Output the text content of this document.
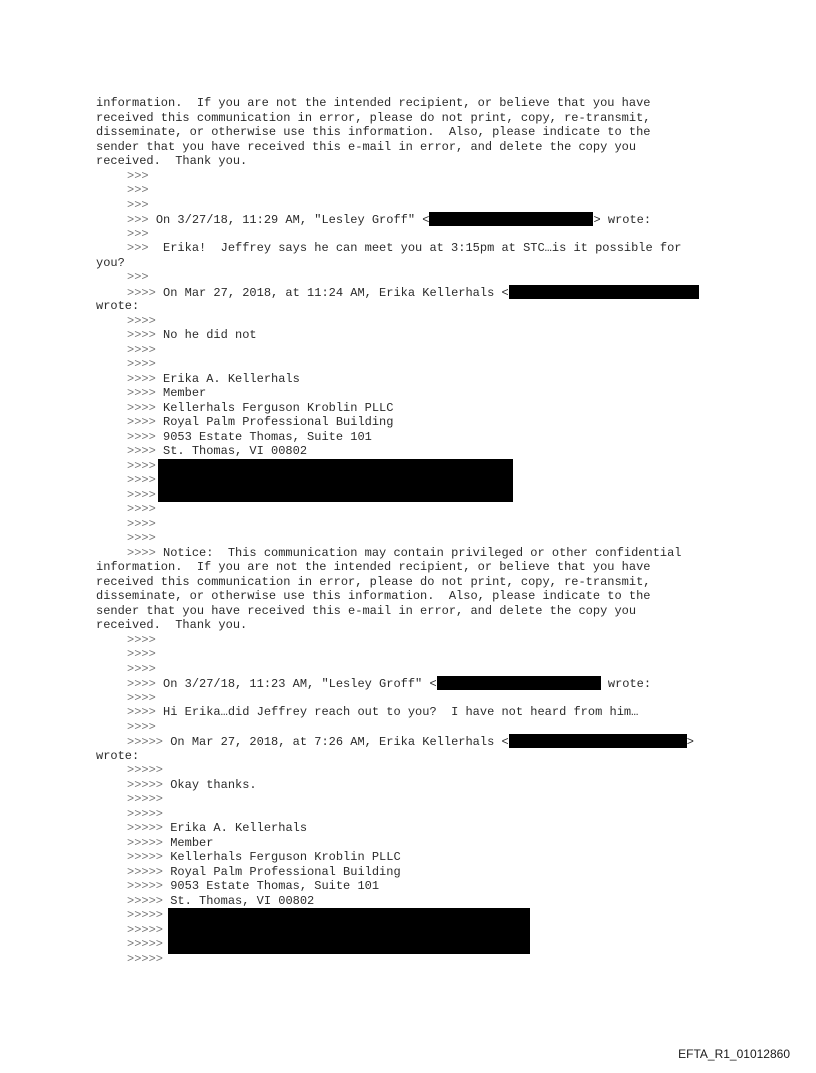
information.  If you are not the intended recipient, or believe that you have
received this communication in error, please do not print, copy, re-transmit,
disseminate, or otherwise use this information.  Also, please indicate to the
sender that you have received this e-mail in error, and delete the copy you
received.  Thank you.
>>>
>>>
>>>
>>> On 3/27/18, 11:29 AM, "Lesley Groff" <	> wrote:
>>>
>>>  Erika!  Jeffrey says he can meet you at 3:15pm at STC…is it possible for
you?
>>>
>>>> On Mar 27, 2018, at 11:24 AM, Erika Kellerhals <
wrote:
>>>>
>>>> No he did not
>>>>
>>>>
>>>> Erika A. Kellerhals
>>>> Member
>>>> Kellerhals Ferguson Kroblin PLLC
>>>> Royal Palm Professional Building
>>>> 9053 Estate Thomas, Suite 101
>>>> St. Thomas, VI 00802
>>>>
>>>>
>>>>
>>>>
>>>>
>>>>
>>>> Notice:  This communication may contain privileged or other confidential
information.  If you are not the intended recipient, or believe that you have
received this communication in error, please do not print, copy, re-transmit,
disseminate, or otherwise use this information.  Also, please indicate to the
sender that you have received this e-mail in error, and delete the copy you
received.  Thank you.
>>>>
>>>>
>>>>
>>>> On 3/27/18, 11:23 AM, "Lesley Groff" <	wrote:
>>>>
>>>> Hi Erika…did Jeffrey reach out to you?  I have not heard from him…
>>>>
>>>>> On Mar 27, 2018, at 7:26 AM, Erika Kellerhals <	>
wrote:
>>>>>
>>>>> Okay thanks.
>>>>>
>>>>>
>>>>> Erika A. Kellerhals
>>>>> Member
>>>>> Kellerhals Ferguson Kroblin PLLC
>>>>> Royal Palm Professional Building
>>>>> 9053 Estate Thomas, Suite 101
>>>>> St. Thomas, VI 00802
>>>>>
>>>>>
>>>>>
>>>>>
EFTA_R1_01012860
